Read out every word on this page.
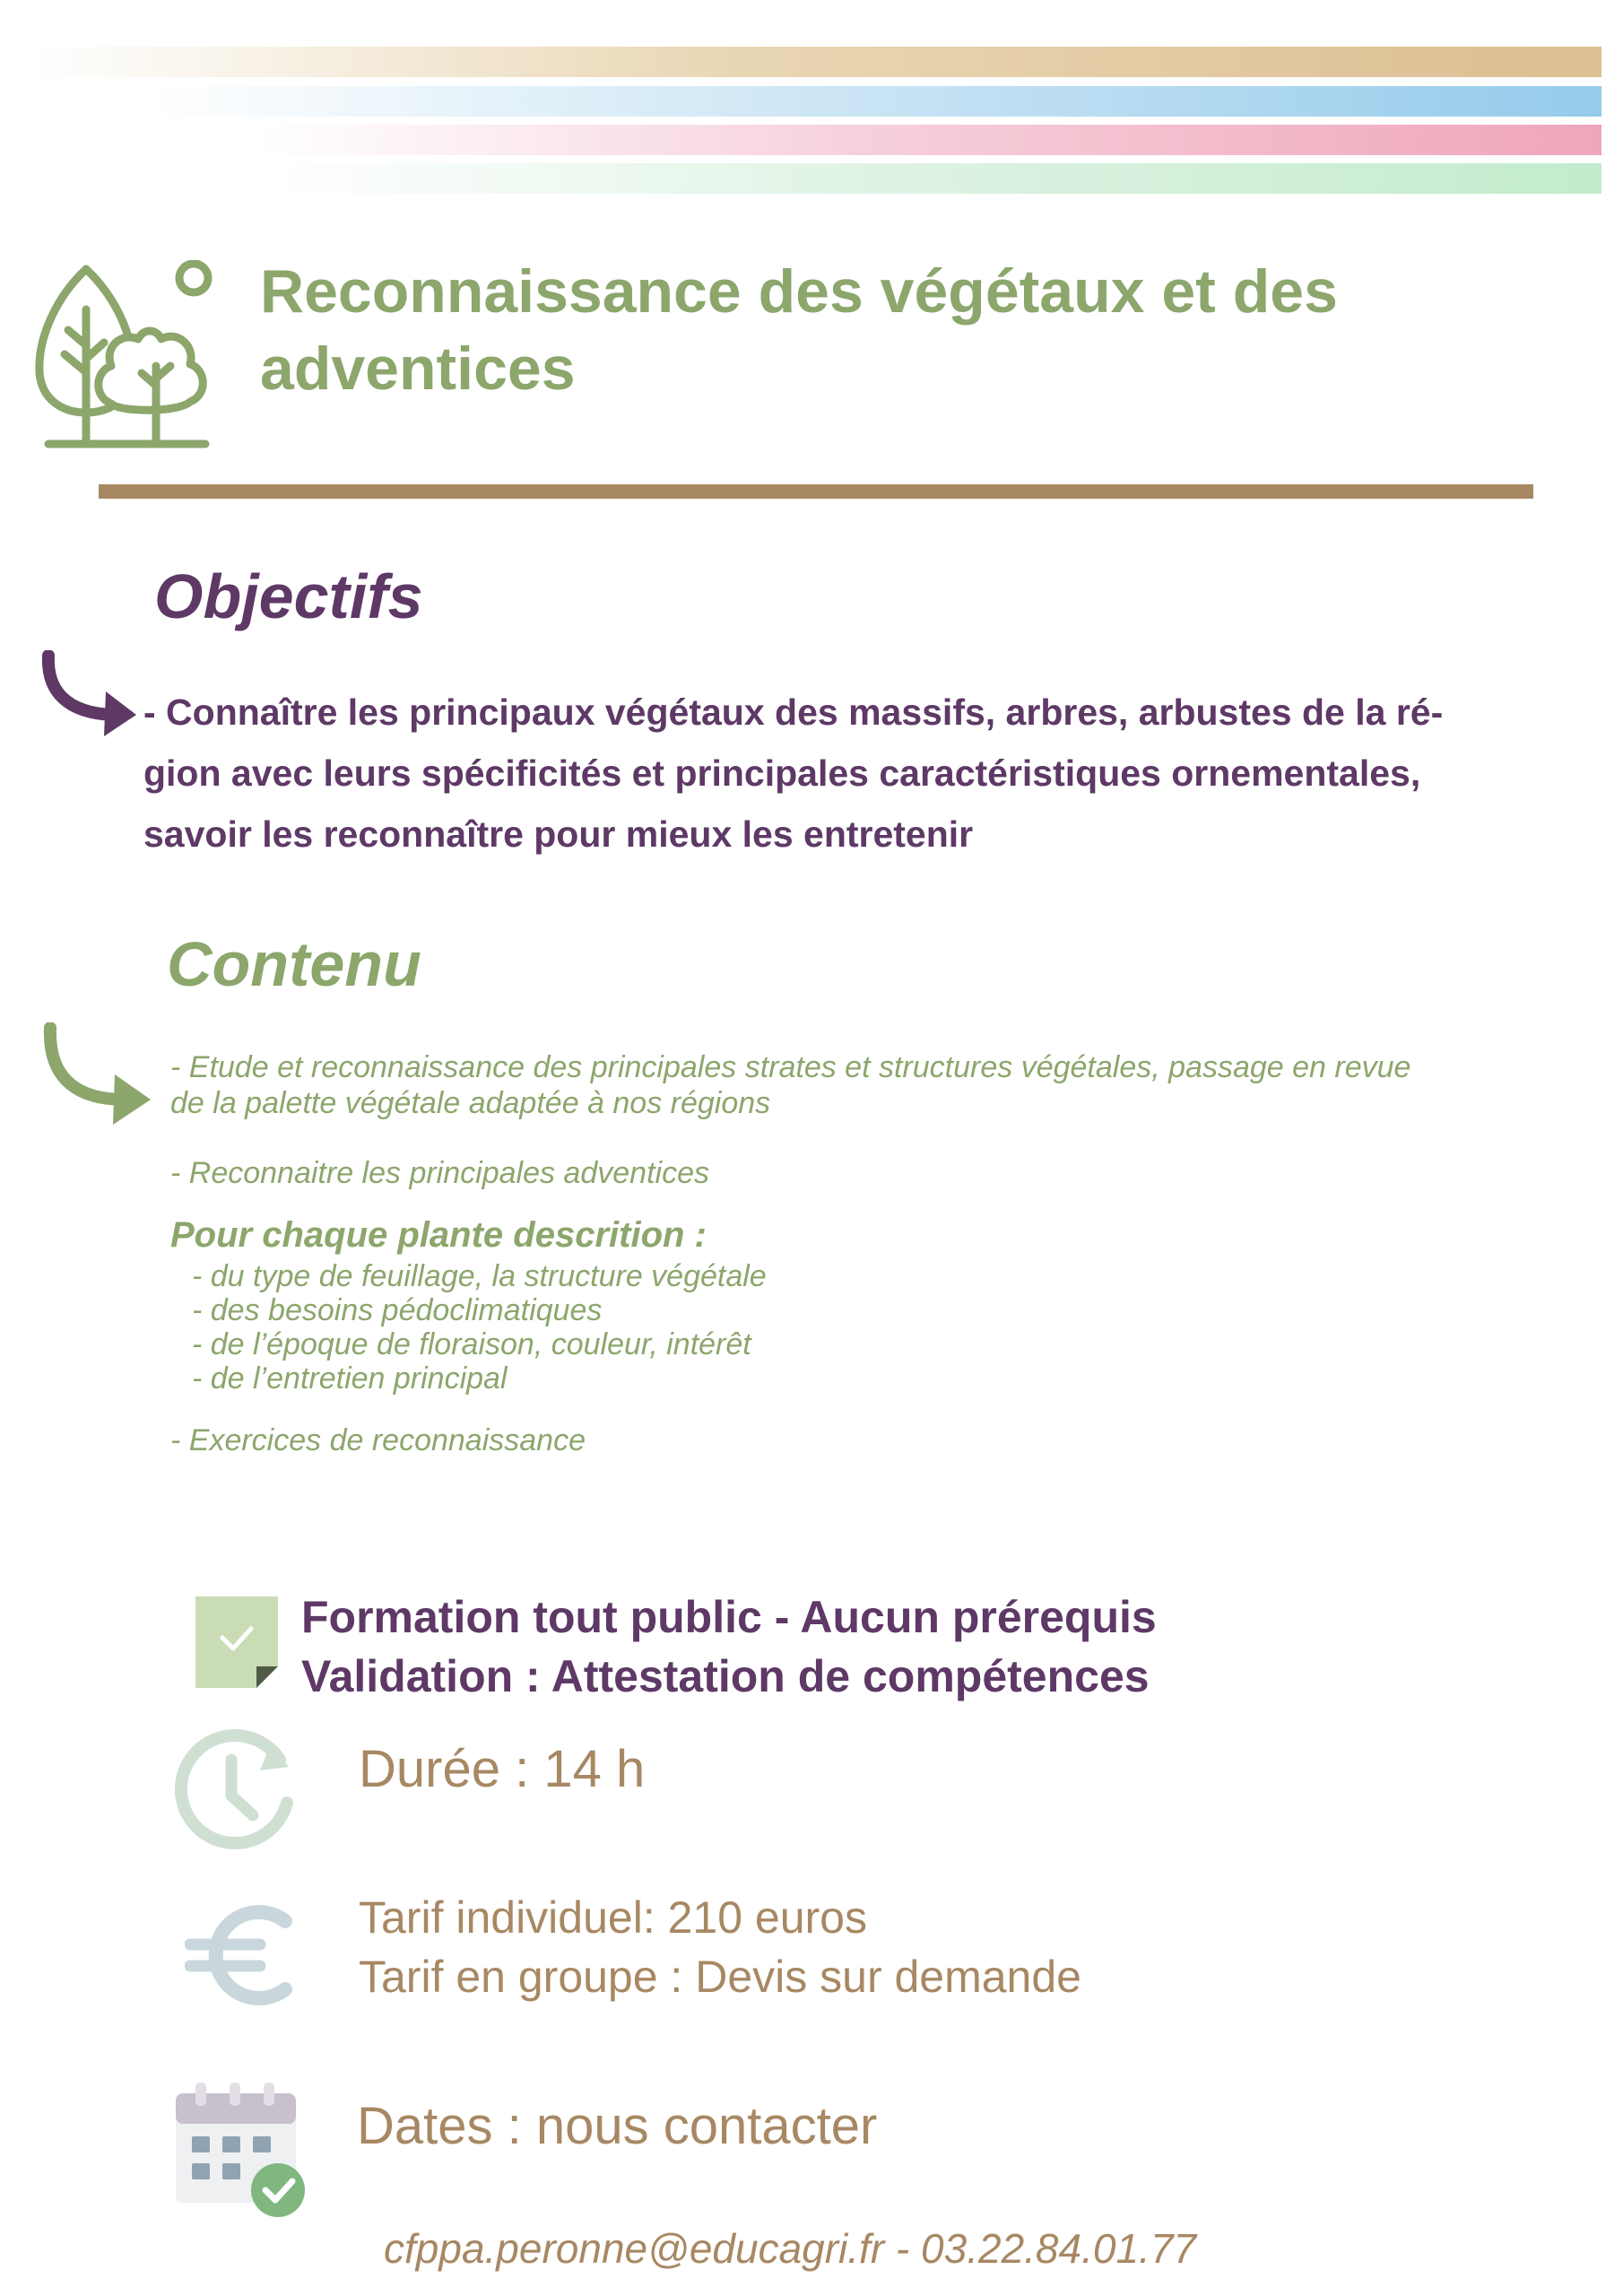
Reconnaissance des végétaux et des
adventices
Objectifs
- Connaître les principaux végétaux des massifs, arbres, arbustes de la ré-
gion avec leurs spécificités et principales caractéristiques ornementales,
savoir les reconnaître pour mieux les entretenir
Contenu
- Etude et reconnaissance des principales strates et structures végétales, passage en revue
de la palette végétale adaptée à nos régions
- Reconnaitre les principales adventices
Pour chaque plante descrition :
- du type de feuillage, la structure végétale
- des besoins pédoclimatiques
- de l’époque de floraison, couleur, intérêt
- de l’entretien principal
- Exercices de reconnaissance
Formation tout public - Aucun prérequis
Validation : Attestation de compétences
Durée : 14 h
Tarif individuel: 210 euros
Tarif en groupe : Devis sur demande
Dates : nous contacter
cfppa.peronne@educagri.fr - 03.22.84.01.77
